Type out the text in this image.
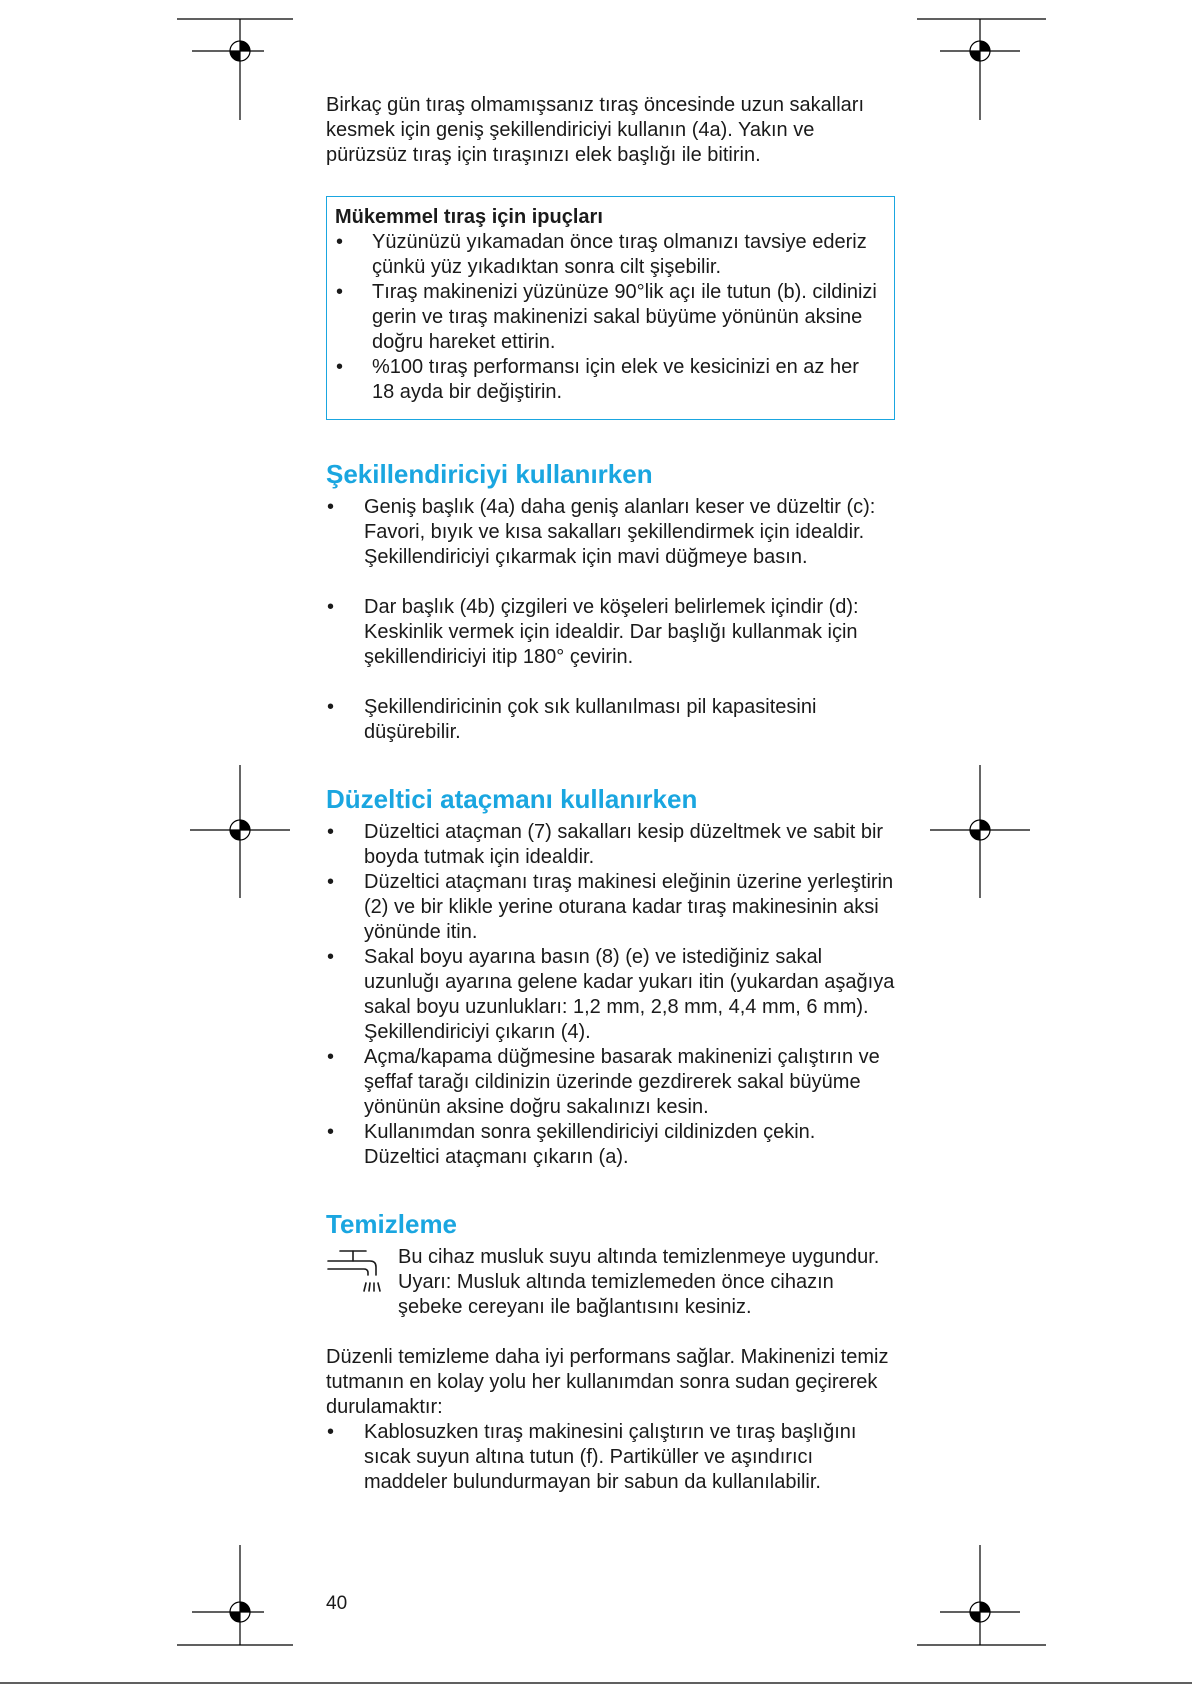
Birkaç gün tıraş olmamışsanız tıraş öncesinde uzun sakalları kesmek için geniş şekillendiriciyi kullanın (4a). Yakın ve pürüzsüz tıraş için tıraşınızı elek başlığı ile bitirin.

Mükemmel tıraş için ipuçları
• Yüzünüzü yıkamadan önce tıraş olmanızı tavsiye ederiz çünkü yüz yıkadıktan sonra cilt şişebilir.
• Tıraş makinenizi yüzünüze 90°lik açı ile tutun (b). cildinizi gerin ve tıraş makinenizi sakal büyüme yönünün aksine doğru hareket ettirin.
• %100 tıraş performansı için elek ve kesicinizi en az her 18 ayda bir değiştirin.
Şekillendiriciyi kullanırken
• Geniş başlık (4a) daha geniş alanları keser ve düzeltir (c): Favori, bıyık ve kısa sakalları şekillendirmek için idealdir. Şekillendiriciyi çıkarmak için mavi düğmeye basın.
• Dar başlık (4b) çizgileri ve köşeleri belirlemek içindir (d): Keskinlik vermek için idealdir. Dar başlığı kullanmak için şekillendiriciyi itip 180° çevirin.
• Şekillendiricinin çok sık kullanılması pil kapasitesini düşürebilir.
Düzeltici ataçmanı kullanırken
• Düzeltici ataçman (7) sakalları kesip düzeltmek ve sabit bir boyda tutmak için idealdir.
• Düzeltici ataçmanı tıraş makinesi eleğinin üzerine yerleştirin (2) ve bir klikle yerine oturana kadar tıraş makinesinin aksi yönünde itin.
• Sakal boyu ayarına basın (8) (e) ve istediğiniz sakal uzunluğı ayarına gelene kadar yukarı itin (yukardan aşağıya sakal boyu uzunlukları: 1,2 mm, 2,8 mm, 4,4 mm, 6 mm). Şekillendiriciyi çıkarın (4).
• Açma/kapama düğmesine basarak makinenizi çalıştırın ve şeffaf tarağı cildinizin üzerinde gezdirerek sakal büyüme yönünün aksine doğru sakalınızı kesin.
• Kullanımdan sonra şekillendiriciyi cildinizden çekin. Düzeltici ataçmanı çıkarın (a).
Temizleme

Bu cihaz musluk suyu altında temizlenmeye uygundur.

Uyarı: Musluk altında temizlemeden önce cihazın şebeke cereyanı ile bağlantısını kesiniz.

Düzenli temizleme daha iyi performans sağlar. Makinenizi temiz tutmanın en kolay yolu her kullanımdan sonra sudan geçirerek durulamaktır:

• Kablosuzken tıraş makinesini çalıştırın ve tıraş başlığını sıcak suyun altına tutun (f). Partiküller ve aşındırıcı maddeler bulundurmayan bir sabun da kullanılabilir.
40
